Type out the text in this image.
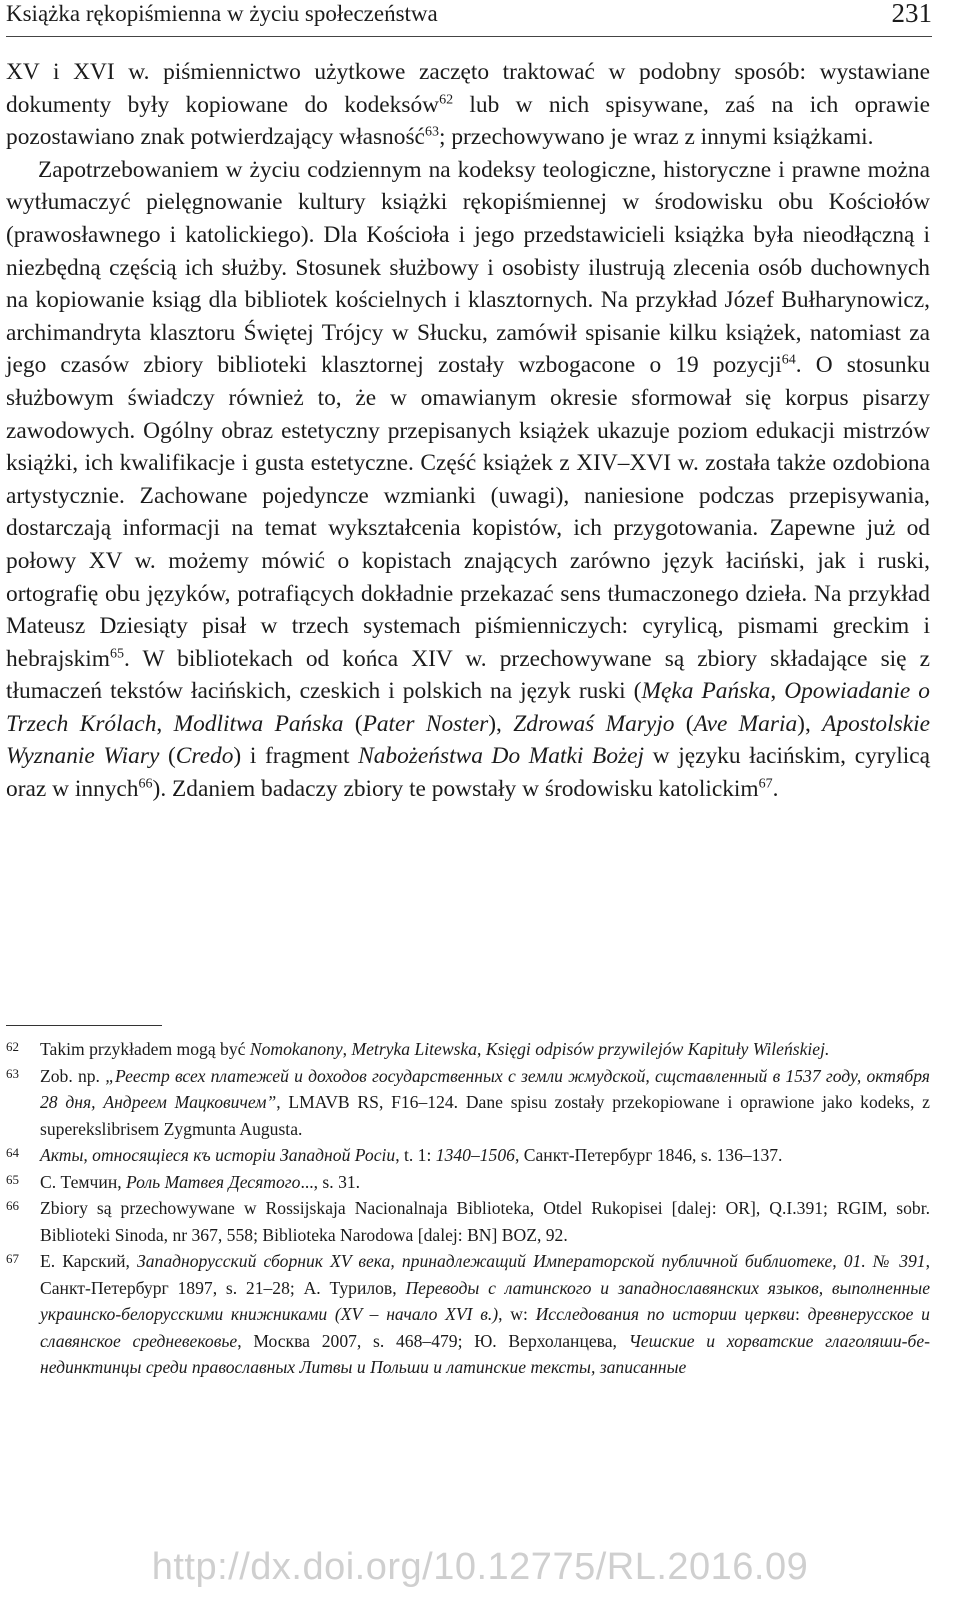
Książka rękopiśmienna w życiu społeczeństwa	231

XV i XVI w. piśmiennictwo użytkowe zaczęto traktować w podobny sposób: wystawiane dokumenty były kopiowane do kodeksów$^{62}$ lub w nich spisywane, zaś na ich oprawie pozostawiano znak potwierdzający własność$^{63}$; przechowywano je wraz z innymi książkami.

Zapotrzebowaniem w życiu codziennym na kodeksy teologiczne, historyczne i prawne można wytłumaczyć pielęgnowanie kultury książki rękopiśmiennej w środowisku obu Kościołów (prawosławnego i katolickiego). Dla Kościoła i jego przedstawicieli książka była nieodłączną i niezbędną częścią ich służby. Stosunek służbowy i osobisty ilustrują zlecenia osób duchownych na kopiowanie ksiąg dla bibliotek kościelnych i klasztornych. Na przykład Józef Bułharynowicz, archimandryta klasztoru Świętej Trójcy w Słucku, zamówił spisanie kilku książek, natomiast za jego czasów zbiory biblioteki klasztornej zostały wzbogacone o 19 pozycji$^{64}$. O stosunku służbowym świadczy również to, że w omawianym okresie sformował się korpus pisarzy zawodowych. Ogólny obraz estetyczny przepisanych książek ukazuje poziom edukacji mistrzów książki, ich kwalifikacje i gusta estetyczne. Część książek z XIV–XVI w. została także ozdobiona artystycznie. Zachowane pojedyncze wzmianki (uwagi), naniesione podczas przepisywania, dostarczają informacji na temat wykształcenia kopistów, ich przygotowania. Zapewne już od połowy XV w. możemy mówić o kopistach znających zarówno język łaciński, jak i ruski, ortografię obu języków, potrafiących dokładnie przekazać sens tłumaczonego dzieła. Na przykład Mateusz Dziesiąty pisał w trzech systemach piśmienniczych: cyrylicą, pismami greckim i hebrajskim$^{65}$. W bibliotekach od końca XIV w. przechowywane są zbiory składające się z tłumaczeń tekstów łacińskich, czeskich i polskich na język ruski (Męka Pańska, Opowiadanie o Trzech Królach, Modlitwa Pańska (Pater Noster), Zdrowaś Maryjo (Ave Maria), Apostolskie Wyznanie Wiary (Credo) i fragment Nabożeństwa Do Matki Bożej w języku łacińskim, cyrylicą oraz w innych$^{66}$). Zdaniem badaczy zbiory te powstały w środowisku katolickim$^{67}$.

62 Takim przykładem mogą być Nomokanony, Metryka Litewska, Księgi odpisów przywilejów Kapituły Wileńskiej.

63 Zob. np. „Реестр всех платежей и доходов государственных с земли жмудской, сщставленный в 1537 году, октября 28 дня, Андреем Мацковичем”, LMAVB RS, F16–124. Dane spisu zostały przekopiowane i oprawione jako kodeks, z superekslibrisem Zygmunta Augusta.

64 Акты, относящiеся къ исторiи Западной Росiи, t. 1: 1340–1506, Санкт-Петербург 1846, s. 136–137.

65 С. Темчин, Роль Матвея Десятого..., s. 31.

66 Zbiory są przechowywane w Rossijskaja Nacionalnaja Biblioteka, Otdel Rukopisei [dalej: OR], Q.I.391; RGIM, sobr. Biblioteki Sinoda, nr 367, 558; Biblioteka Narodowa [dalej: BN] BOZ, 92.

67 Е. Карский, Западнорусский сборник XV века, принадлежащий Императорской публичной библиотеке, 01. № 391, Санкт-Петербург 1897, s. 21–28; А. Турилов, Переводы с латинского и западнославянских языков, выполненные украинско-белорусскими книжниками (XV – начало XVI в.), w: Исследования по истории церкви: древнерусское и славянское средневековье, Москва 2007, s. 468–479; Ю. Верхоланцева, Чешские и хорватские глаголяши-бенединктинцы среди православных Литвы и Польши и латинские тексты, записанные

http://dx.doi.org/10.12775/RL.2016.09
